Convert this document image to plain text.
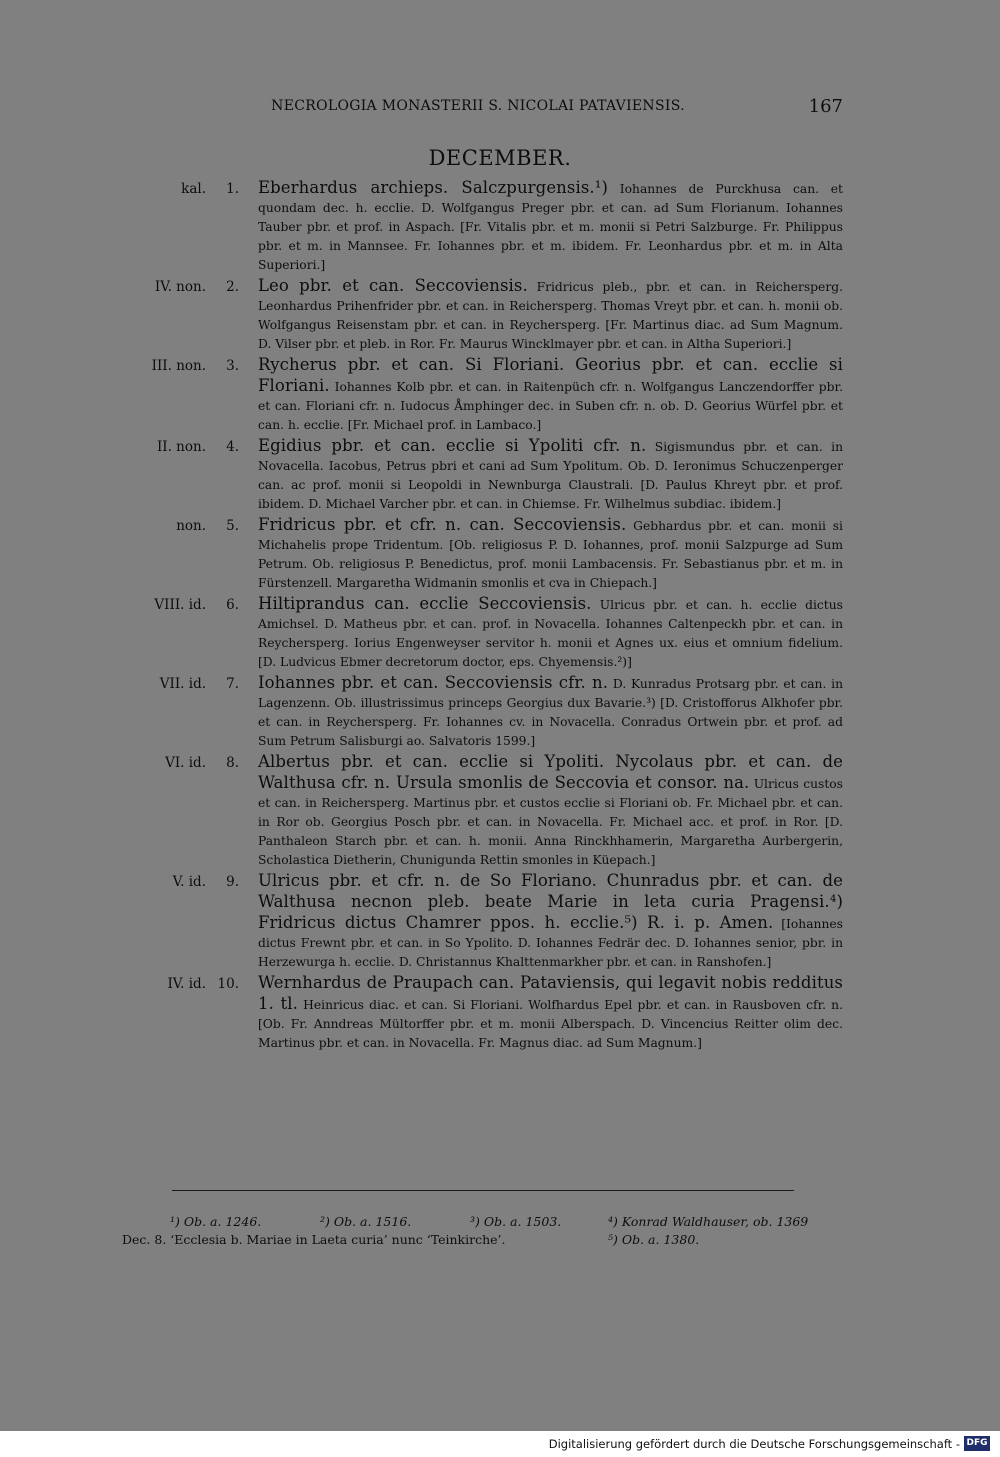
NECROLOGIA MONASTERII S. NICOLAI PATAVIENSIS.	167
DECEMBER.
kal.	1. Eberhardus archieps. Salczpurgensis.¹) Iohannes de Purckhusa can. et quondam dec. h. ecclie. D. Wolfgangus Preger pbr. et can. ad Sum Florianum. Iohannes Tauber pbr. et prof. in Aspach. [Fr. Vitalis pbr. et m. monii si Petri Salzburge. Fr. Philippus pbr. et m. in Mannsee. Fr. Iohannes pbr. et m. ibidem. Fr. Leonhardus pbr. et m. in Alta Superiori.]
IV. non.	2. Leo pbr. et can. Seccoviensis. Fridricus pleb., pbr. et can. in Reichersperg. Leonhardus Prihenfrider pbr. et can. in Reichersperg. Thomas Vreyt pbr. et can. h. monii ob. Wolfgangus Reisenstam pbr. et can. in Reychersperg. [Fr. Martinus diac. ad Sum Magnum. D. Vilser pbr. et pleb. in Ror. Fr. Maurus Wincklmayer pbr. et can. in Altha Superiori.]
III. non.	3. Rycherus pbr. et can. Si Floriani. Georius pbr. et can. ecclie si Floriani. Iohannes Kolb pbr. et can. in Raitenpüch cfr. n. Wolfgangus Lanczendorffer pbr. et can. Floriani cfr. n. Iudocus Åmphinger dec. in Suben cfr. n. ob. D. Georius Würfel pbr. et can. h. ecclie. [Fr. Michael prof. in Lambaco.]
II. non.	4. Egidius pbr. et can. ecclie si Ypoliti cfr. n. Sigismundus pbr. et can. in Novacella. Iacobus, Petrus pbri et cani ad Sum Ypolitum. Ob. D. Ieronimus Schuczenperger can. ac prof. monii si Leopoldi in Newnburga Claustrali. [D. Paulus Khreyt pbr. et prof. ibidem. D. Michael Varcher pbr. et can. in Chiemse. Fr. Wilhelmus subdiac. ibidem.]
non.	5. Fridricus pbr. et cfr. n. can. Seccoviensis. Gebhardus pbr. et can. monii si Michahelis prope Tridentum. [Ob. religiosus P. D. Iohannes, prof. monii Salzpurge ad Sum Petrum. Ob. religiosus P. Benedictus, prof. monii Lambacensis. Fr. Sebastianus pbr. et m. in Fürstenzell. Margaretha Widmanin smonlis et cva in Chiepach.]
VIII. id.	6. Hiltiprandus can. ecclie Seccoviensis. Ulricus pbr. et can. h. ecclie dictus Amichsel. D. Matheus pbr. et can. prof. in Novacella. Iohannes Caltenpeckh pbr. et can. in Reychersperg. Iorius Engenweyser servitor h. monii et Agnes ux. eius et omnium fidelium. [D. Ludvicus Ebmer decretorum doctor, eps. Chyemensis.²)]
VII. id.	7. Iohannes pbr. et can. Seccoviensis cfr. n. D. Kunradus Protsarg pbr. et can. in Lagenzenn. Ob. illustrissimus princeps Georgius dux Bavarie.³) [D. Cristofforus Alkhofer pbr. et can. in Reychersperg. Fr. Iohannes cv. in Novacella. Conradus Ortwein pbr. et prof. ad Sum Petrum Salisburgi ao. Salvatoris 1599.]
VI. id.	8. Albertus pbr. et can. ecclie si Ypoliti. Nycolaus pbr. et can. de Walthusa cfr. n. Ursula smonlis de Seccovia et consor. na. Ulricus custos et can. in Reichersperg. Martinus pbr. et custos ecclie si Floriani ob. Fr. Michael pbr. et can. in Ror ob. Georgius Posch pbr. et can. in Novacella. Fr. Michael acc. et prof. in Ror. [D. Panthaleon Starch pbr. et can. h. monii. Anna Rinckhhamerin, Margaretha Aurbergerin, Scholastica Dietherin, Chunigunda Rettin smonles in Küepach.]
V. id.	9. Ulricus pbr. et cfr. n. de So Floriano. Chunradus pbr. et can. de Walthusa necnon pleb. beate Marie in leta curia Pragensi.⁴) Fridricus dictus Chamrer ppos. h. ecclie.⁵) R. i. p. Amen. [Iohannes dictus Frewnt pbr. et can. in So Ypolito. D. Iohannes Fedrär dec. D. Iohannes senior, pbr. in Herzewurga h. ecclie. D. Christannus Khalttenmarkher pbr. et can. in Ranshofen.]
IV. id. 10. Wernhardus de Praupach can. Pataviensis, qui legavit nobis redditus 1. tl. Heinricus diac. et can. Si Floriani. Wolfhardus Epel pbr. et can. in Rausboven cfr. n. [Ob. Fr. Anndreas Mültorffer pbr. et m. monii Alberspach. D. Vincencius Reitter olim dec. Martinus pbr. et can. in Novacella. Fr. Magnus diac. ad Sum Magnum.]
¹) Ob. a. 1246.	²) Ob. a. 1516.	³) Ob. a. 1503.	⁴) Konrad Waldhauser, ob. 1369
Dec. 8. ‘Ecclesia b. Mariae in Laeta curia’ nunc ‘Teinkirche’.	⁵) Ob. a. 1380.
Digitalisierung gefördert durch die Deutsche Forschungsgemeinschaft - DFG
